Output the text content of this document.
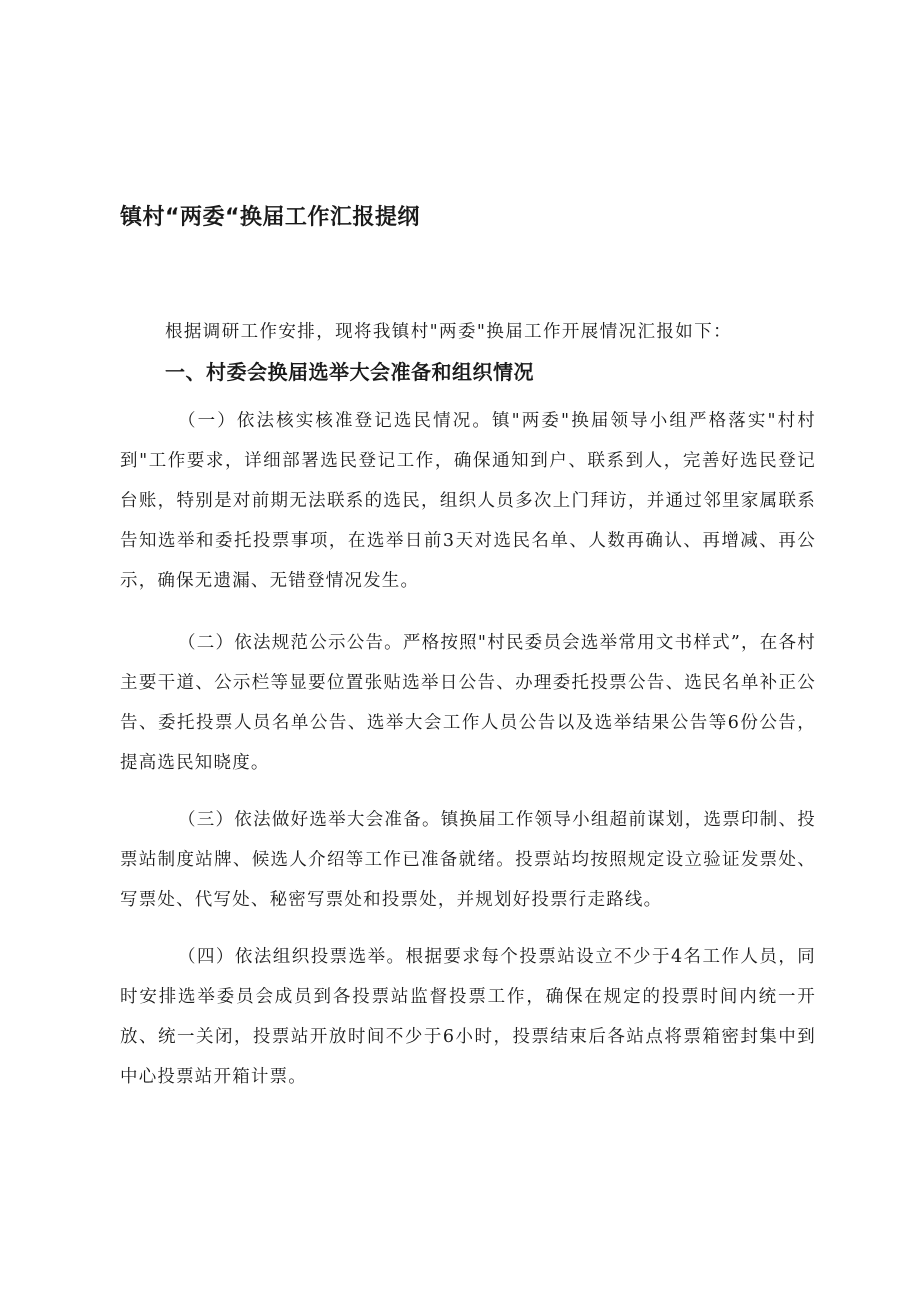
镇村“两委“换届工作汇报提纲
根据调研工作安排，现将我镇村"两委"换届工作开展情况汇报如下：
一、村委会换届选举大会准备和组织情况
（一）依法核实核准登记选民情况。镇"两委"换届领导小组严格落实"村村到"工作要求，详细部署选民登记工作，确保通知到户、联系到人，完善好选民登记台账，特别是对前期无法联系的选民，组织人员多次上门拜访，并通过邻里家属联系告知选举和委托投票事项，在选举日前3天对选民名单、人数再确认、再增减、再公示，确保无遗漏、无错登情况发生。
（二）依法规范公示公告。严格按照"村民委员会选举常用文书样式”，在各村主要干道、公示栏等显要位置张贴选举日公告、办理委托投票公告、选民名单补正公告、委托投票人员名单公告、选举大会工作人员公告以及选举结果公告等6份公告，提高选民知晓度。
（三）依法做好选举大会准备。镇换届工作领导小组超前谋划，选票印制、投票站制度站牌、候选人介绍等工作已准备就绪。投票站均按照规定设立验证发票处、写票处、代写处、秘密写票处和投票处，并规划好投票行走路线。
（四）依法组织投票选举。根据要求每个投票站设立不少于4名工作人员，同时安排选举委员会成员到各投票站监督投票工作，确保在规定的投票时间内统一开放、统一关闭，投票站开放时间不少于6小时，投票结束后各站点将票箱密封集中到中心投票站开箱计票。
